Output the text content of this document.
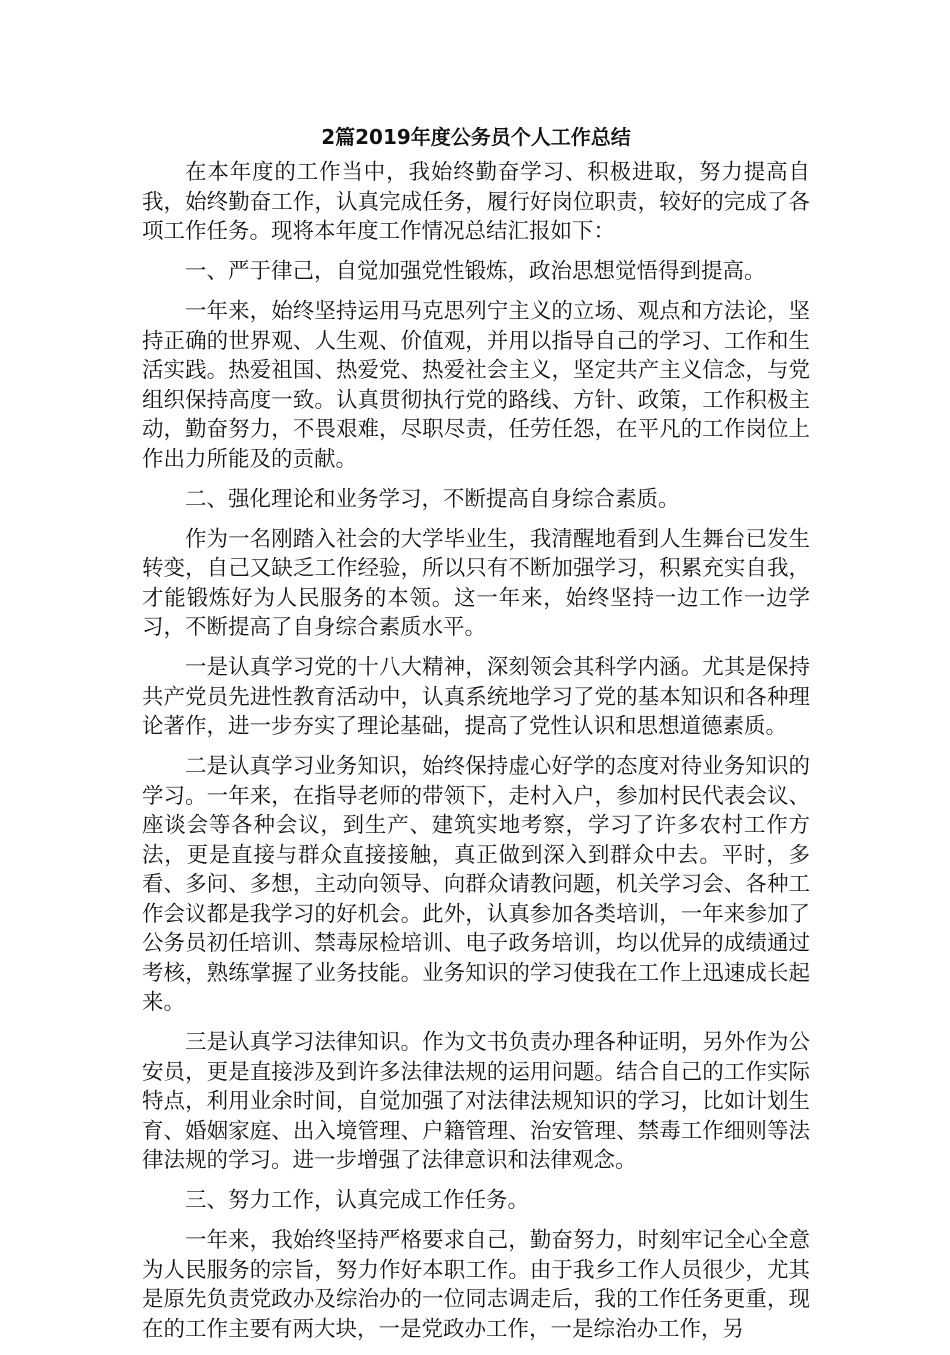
2篇2019年度公务员个人工作总结

在本年度的工作当中，我始终勤奋学习、积极进取，努力提高自我，始终勤奋工作，认真完成任务，履行好岗位职责，较好的完成了各项工作任务。现将本年度工作情况总结汇报如下：

一、严于律己，自觉加强党性锻炼，政治思想觉悟得到提高。

一年来，始终坚持运用马克思列宁主义的立场、观点和方法论，坚持正确的世界观、人生观、价值观，并用以指导自己的学习、工作和生活实践。热爱祖国、热爱党、热爱社会主义，坚定共产主义信念，与党组织保持高度一致。认真贯彻执行党的路线、方针、政策，工作积极主动，勤奋努力，不畏艰难，尽职尽责，任劳任怨，在平凡的工作岗位上作出力所能及的贡献。

二、强化理论和业务学习，不断提高自身综合素质。

作为一名刚踏入社会的大学毕业生，我清醒地看到人生舞台已发生转变，自己又缺乏工作经验，所以只有不断加强学习，积累充实自我，才能锻炼好为人民服务的本领。这一年来，始终坚持一边工作一边学习，不断提高了自身综合素质水平。

一是认真学习党的十八大精神，深刻领会其科学内涵。尤其是保持共产党员先进性教育活动中，认真系统地学习了党的基本知识和各种理论著作，进一步夯实了理论基础，提高了党性认识和思想道德素质。

二是认真学习业务知识，始终保持虚心好学的态度对待业务知识的学习。一年来，在指导老师的带领下，走村入户，参加村民代表会议、座谈会等各种会议，到生产、建筑实地考察，学习了许多农村工作方法，更是直接与群众直接接触，真正做到深入到群众中去。平时，多看、多问、多想，主动向领导、向群众请教问题，机关学习会、各种工作会议都是我学习的好机会。此外，认真参加各类培训，一年来参加了公务员初任培训、禁毒尿检培训、电子政务培训，均以优异的成绩通过考核，熟练掌握了业务技能。业务知识的学习使我在工作上迅速成长起来。

三是认真学习法律知识。作为文书负责办理各种证明，另外作为公安员，更是直接涉及到许多法律法规的运用问题。结合自己的工作实际特点，利用业余时间，自觉加强了对法律法规知识的学习，比如计划生育、婚姻家庭、出入境管理、户籍管理、治安管理、禁毒工作细则等法律法规的学习。进一步增强了法律意识和法律观念。

三、努力工作，认真完成工作任务。

一年来，我始终坚持严格要求自己，勤奋努力，时刻牢记全心全意为人民服务的宗旨，努力作好本职工作。由于我乡工作人员很少，尤其是原先负责党政办及综治办的一位同志调走后，我的工作任务更重，现在的工作主要有两大块，一是党政办工作，一是综治办工作，另
